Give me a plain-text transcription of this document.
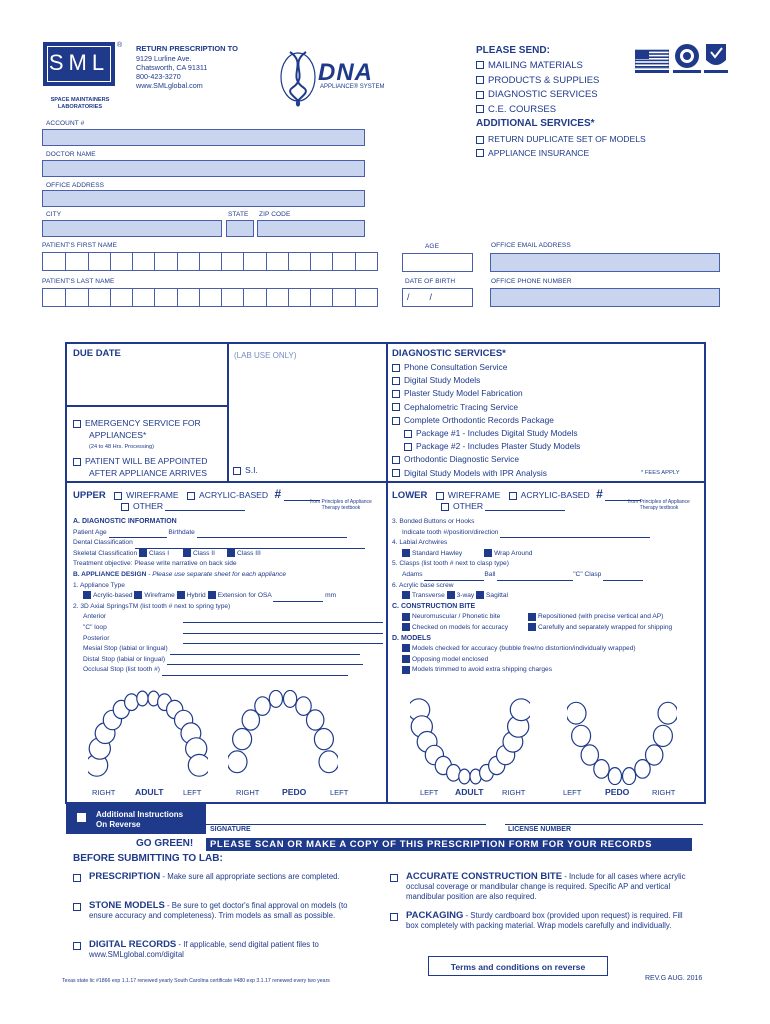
SML
®
SPACE MAINTAINERS
LABORATORIES
RETURN PRESCRIPTION TO
9129 Lurline Ave.
Chatsworth, CA 91311
800-423-3270
www.SMLglobal.com	DNA
APPLIANCE® SYSTEM
PLEASE SEND:
MAILING MATERIALS
PRODUCTS & SUPPLIES
DIAGNOSTIC SERVICES
C.E. COURSES
ADDITIONAL SERVICES*
RETURN DUPLICATE SET OF MODELS
APPLIANCE INSURANCE
ACCOUNT #
DOCTOR NAME
OFFICE ADDRESS
CITY	STATE ZIP CODE
PATIENT'S FIRST NAME
PATIENT'S LAST NAME
AGE
DATE OF BIRTH
/        /
OFFICE EMAIL ADDRESS
OFFICE PHONE NUMBER
DUE DATE	(LAB USE ONLY)
EMERGENCY SERVICE FOR
APPLIANCES*
(24 to 48 Hrs. Processing)
PATIENT WILL BE APPOINTED
AFTER APPLIANCE ARRIVES	S.I.
DIAGNOSTIC SERVICES*
Phone Consultation Service
Digital Study Models
Plaster Study Model Fabrication
Cephalometric Tracing Service
Complete Orthodontic Records Package
Package #1 - Includes Digital Study Models
Package #2 - Includes Plaster Study Models
Orthodontic Diagnostic Service
Digital Study Models with IPR Analysis	* FEES APPLY
UPPER WIREFRAME ACRYLIC-BASED #
OTHER	from Principles of Appliance
Therapy textbook
A. DIAGNOSTIC INFORMATION
Patient Age	Birthdate
Dental Classification
Skeletal Classification Class I	Class II	Class III
Treatment objective: Please write narrative on back side
B. APPLIANCE DESIGN - Please use separate sheet for each appliance
1. Appliance Type
Acrylic-based Wireframe Hybrid Extension for OSA	mm
2. 3D Axial SpringsTM (list tooth # next to spring type)
Anterior
"C" loop
Posterior
Mesial Stop (labial or lingual)
Distal Stop (labial or lingual)
Occlusal Stop (list tooth #)
LOWER WIREFRAME ACRYLIC-BASED #
OTHER	from Principles of Appliance
Therapy textbook
3. Bonded Buttons or Hooks
Indicate tooth #/position/direction
4. Labial Archwires
Standard Hawley	Wrap Around
5. Clasps (list tooth # next to clasp type)
Adams	Ball	"C" Clasp
6. Acrylic base screw
Transverse 3-way Sagittal
C. CONSTRUCTION BITE
Neuromuscular / Phonetic bite	Repositioned (with precise vertical and AP)
Checked on models for accuracy	Carefully and separately wrapped for shipping
D. MODELS
Models checked for accuracy (bubble free/no distortion/individually wrapped)
Opposing model enclosed
Models trimmed to avoid extra shipping charges
RIGHT ADULT	LEFT	RIGHT	PEDO	LEFT	LEFT ADULT RIGHT	LEFT	PEDO	RIGHT
Additional Instructions
On Reverse
SIGNATURE	LICENSE NUMBER
GO GREEN!	PLEASE SCAN OR MAKE A COPY OF THIS PRESCRIPTION FORM FOR YOUR RECORDS
BEFORE SUBMITTING TO LAB:
PRESCRIPTION - Make sure all appropriate sections are completed.
STONE MODELS - Be sure to get doctor's final approval on models (to ensure accuracy and completeness). Trim models as small as possible.
DIGITAL RECORDS - If applicable, send digital patient files to www.SMLglobal.com/digital
ACCURATE CONSTRUCTION BITE - Include for all cases where acrylic occlusal coverage or mandibular change is required. Specific AP and vertical mandibular position are also required.
PACKAGING - Sturdy cardboard box (provided upon request) is required. Fill box completely with packing material. Wrap models carefully and individually.
Terms and conditions on reverse
Texas state lic #1866 exp 1.1.17 renewed yearly South Carolina certificate #480 exp 3.1.17 renewed every two years	REV.G AUG. 2016
